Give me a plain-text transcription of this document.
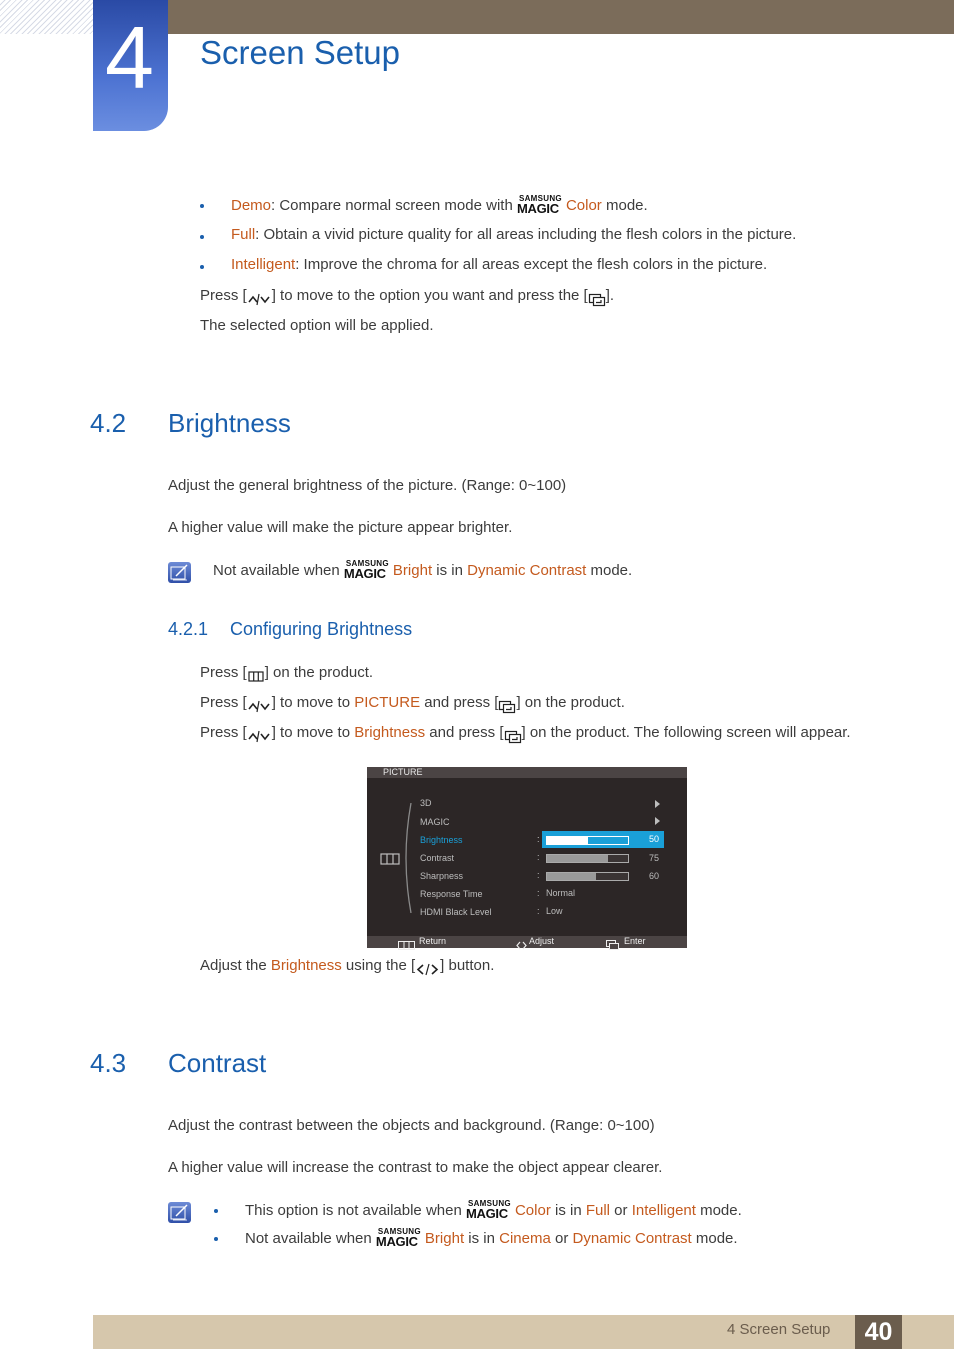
4	Screen Setup
Demo: Compare normal screen mode with SAMSUNG
MAGIC Color mode.
Full: Obtain a vivid picture quality for all areas including the flesh colors in the picture.
Intelligent: Improve the chroma for all areas except the flesh colors in the picture.
Press [ ] to move to the option you want and press the [ ].
The selected option will be applied.
4.2 Brightness
Adjust the general brightness of the picture. (Range: 0~100)
A higher value will make the picture appear brighter.
Not available when SAMSUNG
MAGIC Bright is in Dynamic Contrast mode.
4.2.1 Configuring Brightness
Press [ ] on the product.
Press [ ] to move to PICTURE and press [ ] on the product.
Press [ ] to move to Brightness and press [ ] on the product. The following screen will appear.
PICTURE
3D
MAGIC
Brightness	:	50
Contrast	:	75
Sharpness	:	60
Response Time	: Normal
HDMI Black Level	: Low
Return	Adjust	Enter
Adjust the Brightness using the [ ] button.
4.3 Contrast
Adjust the contrast between the objects and background. (Range: 0~100)
A higher value will increase the contrast to make the object appear clearer.
This option is not available when SAMSUNG
MAGIC Color is in Full or Intelligent mode.
Not available when SAMSUNG
MAGIC Bright is in Cinema or Dynamic Contrast mode.
4 Screen Setup	40
